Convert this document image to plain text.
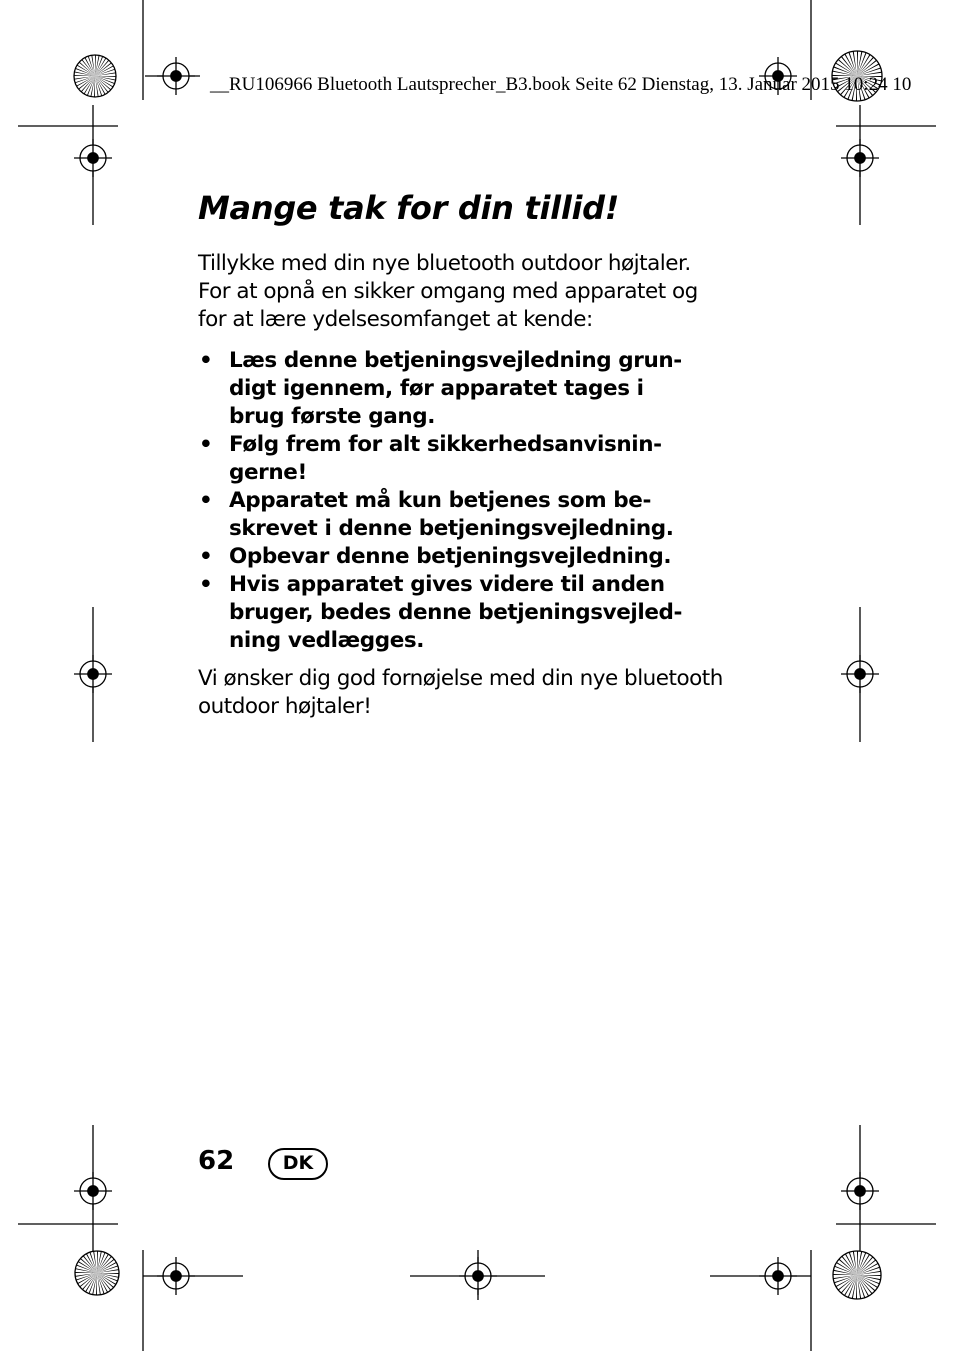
__RU106966 Bluetooth Lautsprecher_B3.book Seite 62 Dienstag, 13. Januar 2015 10:24 10
Mange tak for din tillid!
Tillykke med din nye bluetooth outdoor højtaler.
For at opnå en sikker omgang med apparatet og
for at lære ydelsesomfanget at kende:
• Læs denne betjeningsvejledning grun-
digt igennem, før apparatet tages i
brug første gang.
• Følg frem for alt sikkerhedsanvisnin-
gerne!
• Apparatet må kun betjenes som be-
skrevet i denne betjeningsvejledning.
• Opbevar denne betjeningsvejledning.
• Hvis apparatet gives videre til anden
bruger, bedes denne betjeningsvejled-
ning vedlægges.
Vi ønsker dig god fornøjelse med din nye bluetooth
outdoor højtaler!
62	DK
